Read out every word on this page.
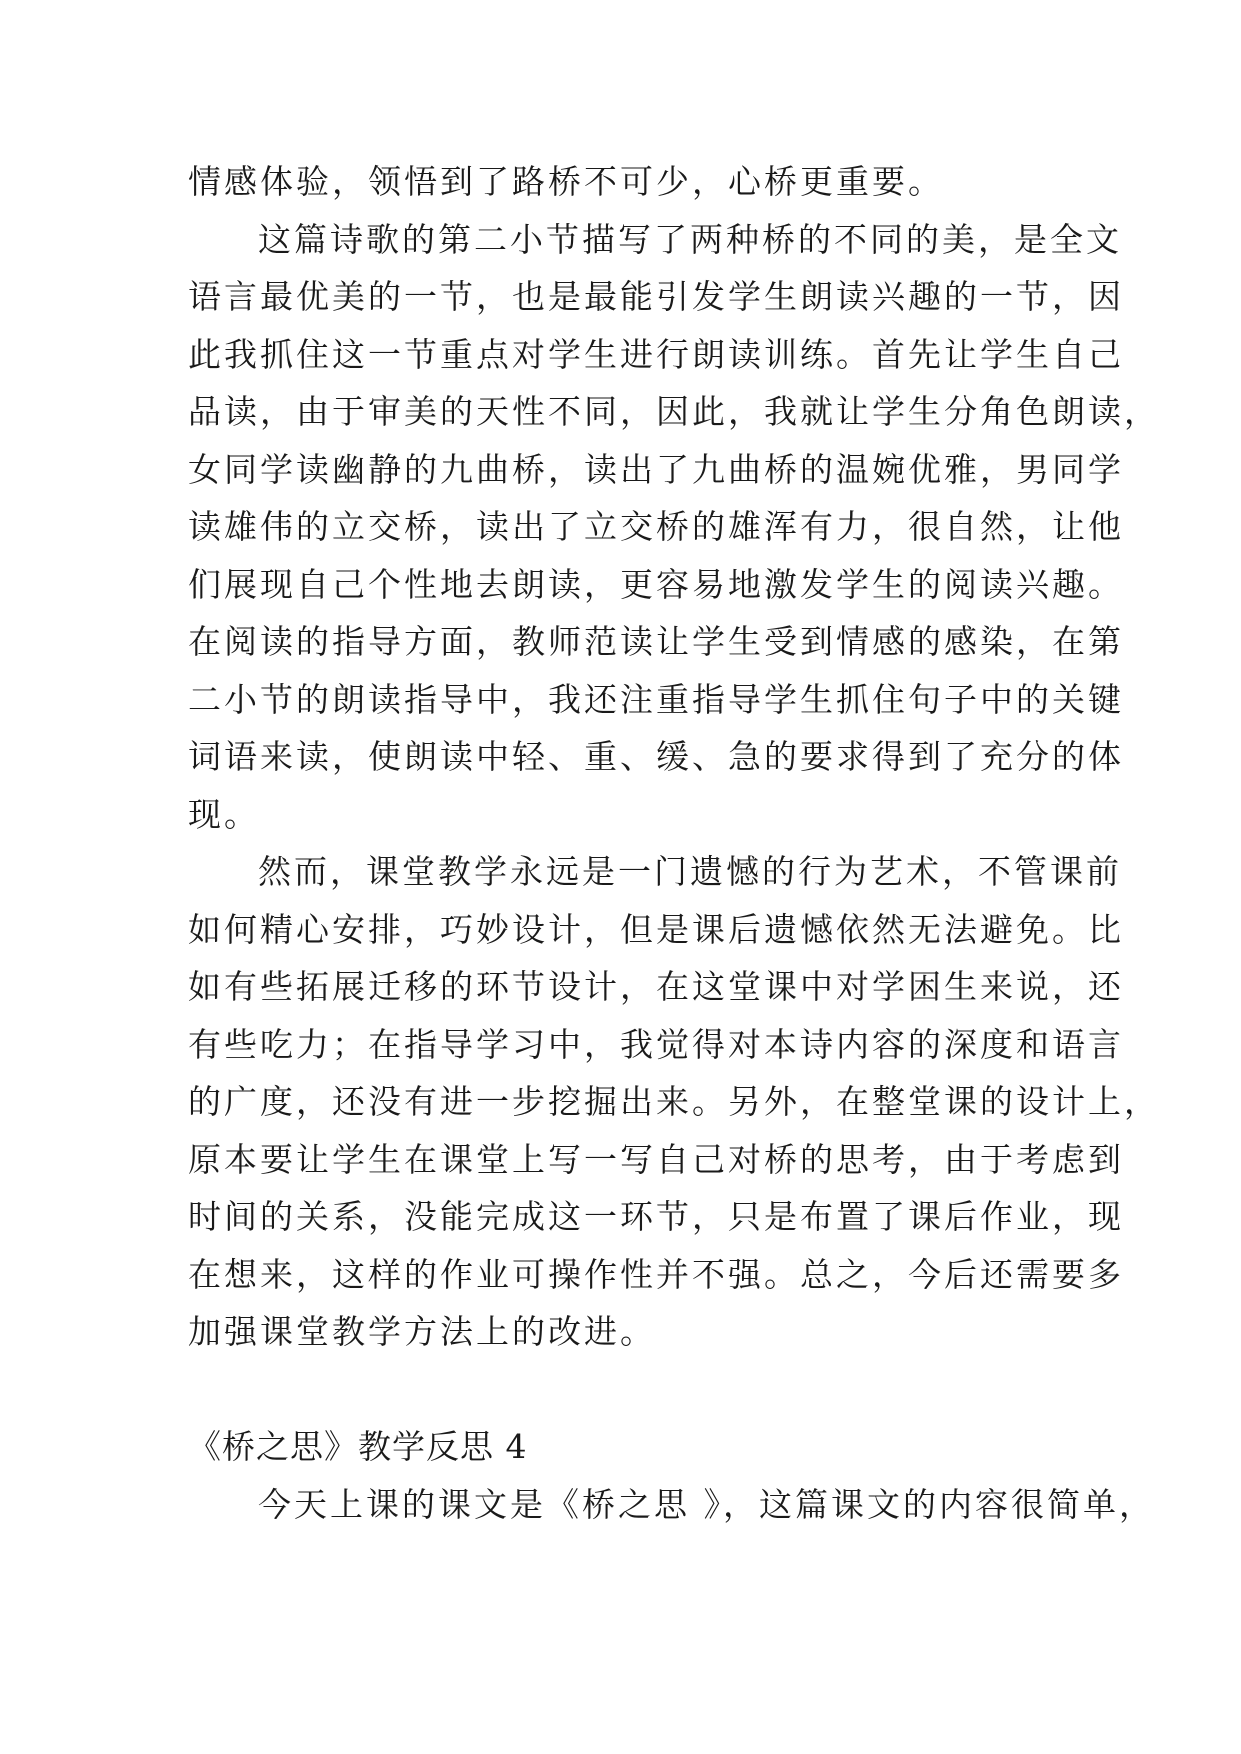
情感体验，领悟到了路桥不可少，心桥更重要。
这篇诗歌的第二小节描写了两种桥的不同的美，是全文
语言最优美的一节，也是最能引发学生朗读兴趣的一节，因
此我抓住这一节重点对学生进行朗读训练。首先让学生自己
品读，由于审美的天性不同，因此，我就让学生分角色朗读，
女同学读幽静的九曲桥，读出了九曲桥的温婉优雅，男同学
读雄伟的立交桥，读出了立交桥的雄浑有力，很自然，让他
们展现自己个性地去朗读，更容易地激发学生的阅读兴趣。
在阅读的指导方面，教师范读让学生受到情感的感染，在第
二小节的朗读指导中，我还注重指导学生抓住句子中的关键
词语来读，使朗读中轻、重、缓、急的要求得到了充分的体
现。
然而，课堂教学永远是一门遗憾的行为艺术，不管课前
如何精心安排，巧妙设计，但是课后遗憾依然无法避免。比
如有些拓展迁移的环节设计，在这堂课中对学困生来说，还
有些吃力；在指导学习中，我觉得对本诗内容的深度和语言
的广度，还没有进一步挖掘出来。另外，在整堂课的设计上，
原本要让学生在课堂上写一写自己对桥的思考，由于考虑到
时间的关系，没能完成这一环节，只是布置了课后作业，现
在想来，这样的作业可操作性并不强。总之，今后还需要多
加强课堂教学方法上的改进。
《桥之思》教学反思 4
今天上课的课文是《桥之思 》，这篇课文的内容很简单，
